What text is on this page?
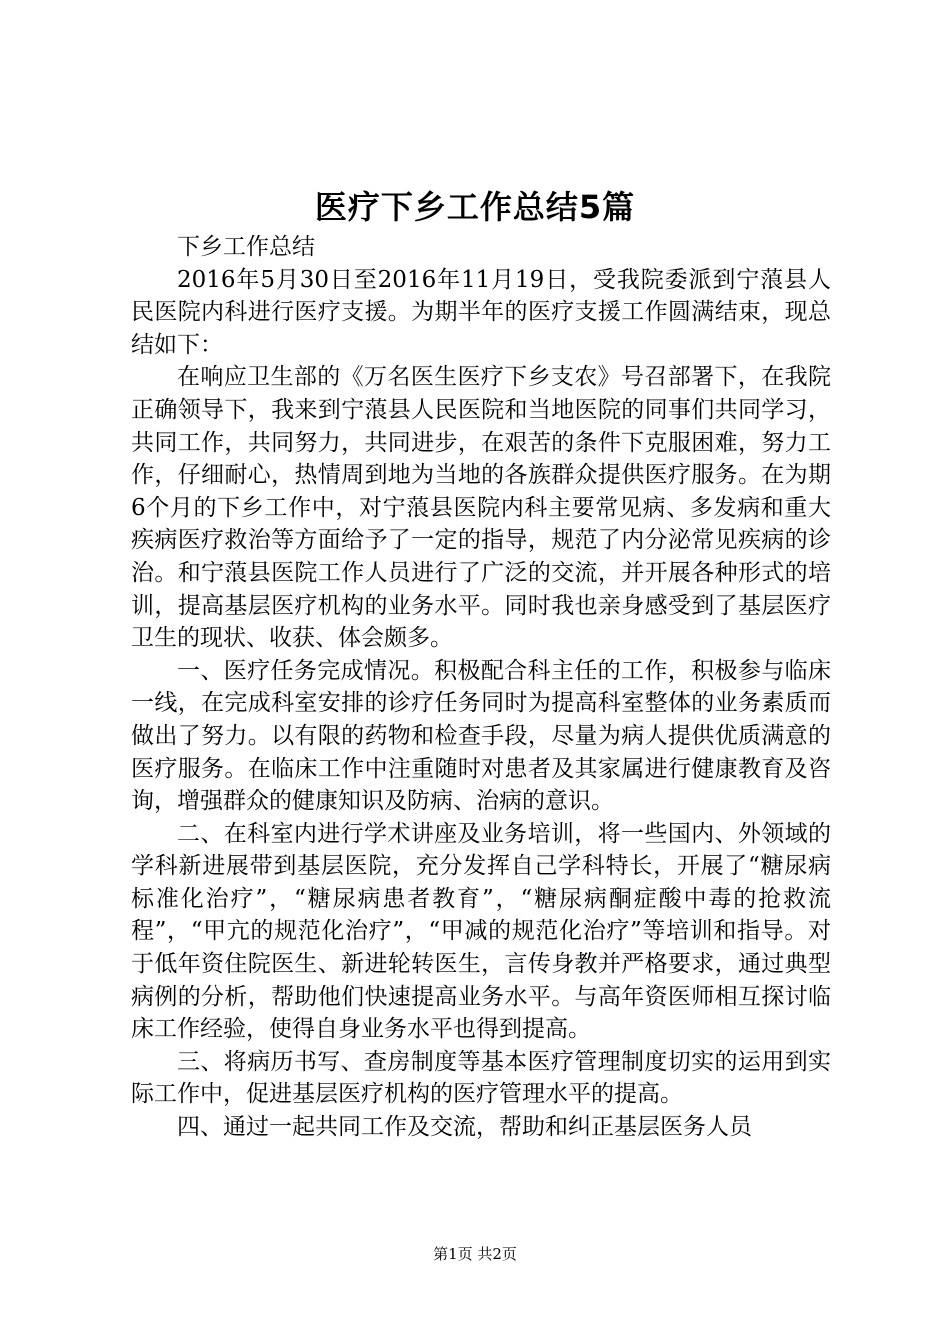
医疗下乡工作总结5篇

下乡工作总结

2016年5月30日至2016年11月19日，受我院委派到宁蒗县人民医院内科进行医疗支援。为期半年的医疗支援工作圆满结束，现总结如下：

在响应卫生部的《万名医生医疗下乡支农》号召部署下，在我院正确领导下，我来到宁蒗县人民医院和当地医院的同事们共同学习，共同工作，共同努力，共同进步，在艰苦的条件下克服困难，努力工作，仔细耐心，热情周到地为当地的各族群众提供医疗服务。在为期6个月的下乡工作中，对宁蒗县医院内科主要常见病、多发病和重大疾病医疗救治等方面给予了一定的指导，规范了内分泌常见疾病的诊治。和宁蒗县医院工作人员进行了广泛的交流，并开展各种形式的培训，提高基层医疗机构的业务水平。同时我也亲身感受到了基层医疗卫生的现状、收获、体会颇多。

一、医疗任务完成情况。积极配合科主任的工作，积极参与临床一线，在完成科室安排的诊疗任务同时为提高科室整体的业务素质而做出了努力。以有限的药物和检查手段，尽量为病人提供优质满意的医疗服务。在临床工作中注重随时对患者及其家属进行健康教育及咨询，增强群众的健康知识及防病、治病的意识。

二、在科室内进行学术讲座及业务培训，将一些国内、外领域的学科新进展带到基层医院，充分发挥自己学科特长，开展了“糖尿病标准化治疗”，“糖尿病患者教育”，“糖尿病酮症酸中毒的抢救流程”，“甲亢的规范化治疗”，“甲减的规范化治疗”等培训和指导。对于低年资住院医生、新进轮转医生，言传身教并严格要求，通过典型病例的分析，帮助他们快速提高业务水平。与高年资医师相互探讨临床工作经验，使得自身业务水平也得到提高。

三、将病历书写、查房制度等基本医疗管理制度切实的运用到实际工作中，促进基层医疗机构的医疗管理水平的提高。

四、通过一起共同工作及交流，帮助和纠正基层医务人员

第1页 共2页
